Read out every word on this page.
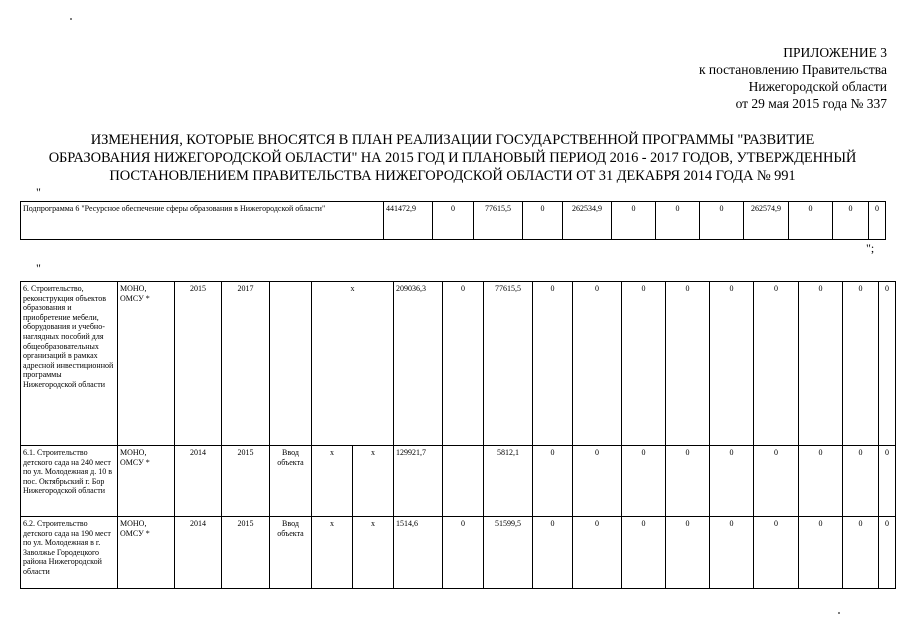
ПРИЛОЖЕНИЕ 3
к постановлению Правительства
Нижегородской области
от 29 мая 2015 года № 337
ИЗМЕНЕНИЯ, КОТОРЫЕ ВНОСЯТСЯ В ПЛАН РЕАЛИЗАЦИИ ГОСУДАРСТВЕННОЙ ПРОГРАММЫ "РАЗВИТИЕ
ОБРАЗОВАНИЯ НИЖЕГОРОДСКОЙ ОБЛАСТИ" НА 2015 ГОД И ПЛАНОВЫЙ ПЕРИОД 2016 - 2017 ГОДОВ, УТВЕРЖДЕННЫЙ
ПОСТАНОВЛЕНИЕМ ПРАВИТЕЛЬСТВА НИЖЕГОРОДСКОЙ ОБЛАСТИ ОТ 31 ДЕКАБРЯ 2014 ГОДА № 991
"
Подпрограмма 6 "Ресурсное обеспечение сферы образования в Нижегородской области"	441472,9	0	77615,5	0	262534,9	0	0	0	262574,9	0	0	0
";
"
6. Строительство, реконструкция объектов образования и приобретение мебели, оборудования и учебно-наглядных пособий для общеобразовательных организаций в рамках адресной инвестиционной программы Нижегородской области	МОНО, ОМСУ *	2015	2017		x		209036,3	0	77615,5	0	0	0	0	0	0	0	0	0
6.1. Строительство детского сада на 240 мест по ул. Молодежная д. 10 в пос. Октябрьский г. Бор Нижегородской области	МОНО, ОМСУ *	2014	2015	Ввод объекта	x	x	129921,7		5812,1	0	0	0	0	0	0	0	0	0
6.2. Строительство детского сада на 190 мест по ул. Молодежная в г. Заволжье Городецкого района Нижегородской области	МОНО, ОМСУ *	2014	2015	Ввод объекта	x	x	1514,6	0	51599,5	0	0	0	0	0	0	0	0	0
